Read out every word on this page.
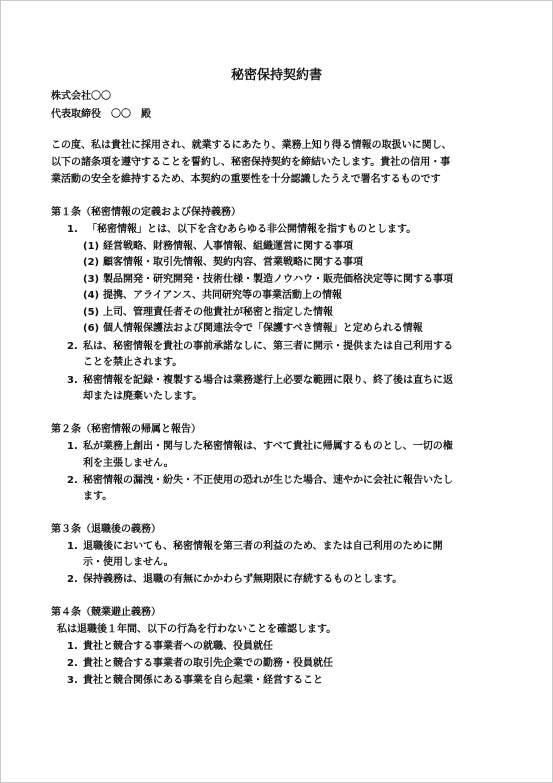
秘密保持契約書
株式会社〇〇
代表取締役　〇〇　殿
この度、私は貴社に採用され、就業するにあたり、業務上知り得る情報の取扱いに関し、
以下の諸条項を遵守することを誓約し、秘密保持契約を締結いたします。貴社の信用・事
業活動の安全を維持するため、本契約の重要性を十分認識したうえで署名するものです
第１条（秘密情報の定義および保持義務）
1. 「秘密情報」とは、以下を含むあらゆる非公開情報を指すものとします。
(1) 経営戦略、財務情報、人事情報、組織運営に関する事項
(2) 顧客情報・取引先情報、契約内容、営業戦略に関する事項
(3) 製品開発・研究開発・技術仕様・製造ノウハウ・販売価格決定等に関する事項
(4) 提携、アライアンス、共同研究等の事業活動上の情報
(5) 上司、管理責任者その他貴社が秘密と指定した情報
(6) 個人情報保護法および関連法令で「保護すべき情報」と定められる情報
2. 私は、秘密情報を貴社の事前承諾なしに、第三者に開示・提供または自己利用する
ことを禁止されます。
3. 秘密情報を記録・複製する場合は業務遂行上必要な範囲に限り、終了後は直ちに返
却または廃棄いたします。
第２条（秘密情報の帰属と報告）
1. 私が業務上創出・関与した秘密情報は、すべて貴社に帰属するものとし、一切の権
利を主張しません。
2. 秘密情報の漏洩・紛失・不正使用の恐れが生じた場合、速やかに会社に報告いたし
ます。
第３条（退職後の義務）
1. 退職後においても、秘密情報を第三者の利益のため、または自己利用のために開
示・使用しません。
2. 保持義務は、退職の有無にかかわらず無期限に存続するものとします。
第４条（競業避止義務）
私は退職後１年間、以下の行為を行わないことを確認します。
1. 貴社と競合する事業者への就職、役員就任
2. 貴社と競合する事業者の取引先企業での勤務・役員就任
3. 貴社と競合関係にある事業を自ら起業・経営すること
